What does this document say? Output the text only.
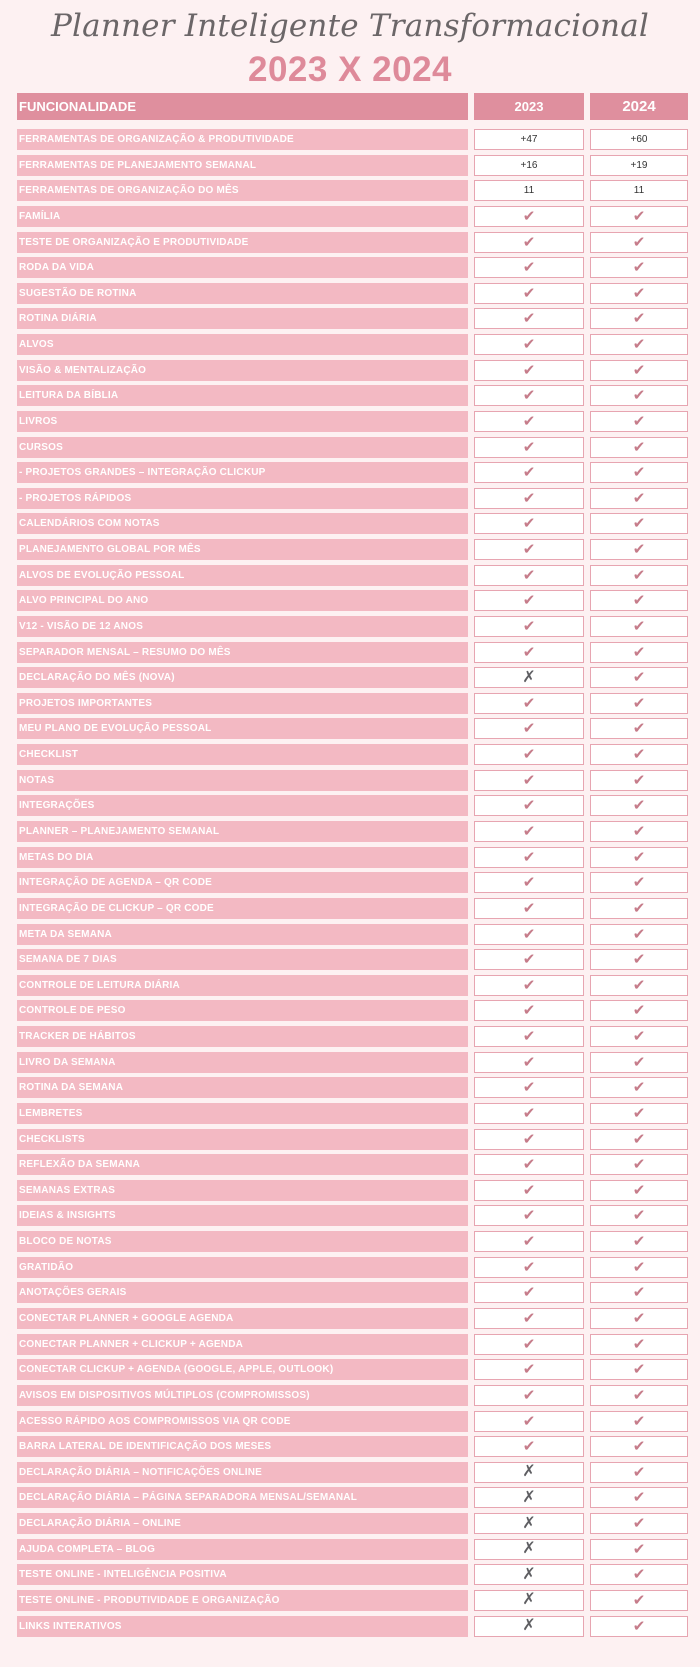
Planner Inteligente Transformacional
2023 X 2024
FUNCIONALIDADE	2023	2024
FERRAMENTAS DE ORGANIZAÇÃO & PRODUTIVIDADE	+47	+60
FERRAMENTAS DE PLANEJAMENTO SEMANAL	+16	+19
FERRAMENTAS DE ORGANIZAÇÃO DO MÊS	11	11
FAMÍLIA	✔	✔
TESTE DE ORGANIZAÇÃO E PRODUTIVIDADE	✔	✔
RODA DA VIDA	✔	✔
SUGESTÃO DE ROTINA	✔	✔
ROTINA DIÁRIA	✔	✔
ALVOS	✔	✔
VISÃO & MENTALIZAÇÃO	✔	✔
LEITURA DA BÍBLIA	✔	✔
LIVROS	✔	✔
CURSOS	✔	✔
- PROJETOS GRANDES – INTEGRAÇÃO CLICKUP	✔	✔
- PROJETOS RÁPIDOS	✔	✔
CALENDÁRIOS COM NOTAS	✔	✔
PLANEJAMENTO GLOBAL POR MÊS	✔	✔
ALVOS DE EVOLUÇÃO PESSOAL	✔	✔
ALVO PRINCIPAL DO ANO	✔	✔
V12 - VISÃO DE 12 ANOS	✔	✔
SEPARADOR MENSAL – RESUMO DO MÊS	✔	✔
DECLARAÇÃO DO MÊS (NOVA)	✗	✔
PROJETOS IMPORTANTES	✔	✔
MEU PLANO DE EVOLUÇÃO PESSOAL	✔	✔
CHECKLIST	✔	✔
NOTAS	✔	✔
INTEGRAÇÕES	✔	✔
PLANNER – PLANEJAMENTO SEMANAL	✔	✔
METAS DO DIA	✔	✔
INTEGRAÇÃO DE AGENDA – QR CODE	✔	✔
INTEGRAÇÃO DE CLICKUP – QR CODE	✔	✔
META DA SEMANA	✔	✔
SEMANA DE 7 DIAS	✔	✔
CONTROLE DE LEITURA DIÁRIA	✔	✔
CONTROLE DE PESO	✔	✔
TRACKER DE HÁBITOS	✔	✔
LIVRO DA SEMANA	✔	✔
ROTINA DA SEMANA	✔	✔
LEMBRETES	✔	✔
CHECKLISTS	✔	✔
REFLEXÃO DA SEMANA	✔	✔
SEMANAS EXTRAS	✔	✔
IDEIAS & INSIGHTS	✔	✔
BLOCO DE NOTAS	✔	✔
GRATIDÃO	✔	✔
ANOTAÇÕES GERAIS	✔	✔
CONECTAR PLANNER + GOOGLE AGENDA	✔	✔
CONECTAR PLANNER + CLICKUP + AGENDA	✔	✔
CONECTAR CLICKUP + AGENDA (GOOGLE, APPLE, OUTLOOK)	✔	✔
AVISOS EM DISPOSITIVOS MÚLTIPLOS (COMPROMISSOS)	✔	✔
ACESSO RÁPIDO AOS COMPROMISSOS VIA QR CODE	✔	✔
BARRA LATERAL DE IDENTIFICAÇÃO DOS MESES	✔	✔
DECLARAÇÃO DIÁRIA – NOTIFICAÇÕES ONLINE	✗	✔
DECLARAÇÃO DIÁRIA – PÁGINA SEPARADORA MENSAL/SEMANAL	✗	✔
DECLARAÇÃO DIÁRIA – ONLINE	✗	✔
AJUDA COMPLETA – BLOG	✗	✔
TESTE ONLINE - INTELIGÊNCIA POSITIVA	✗	✔
TESTE ONLINE - PRODUTIVIDADE E ORGANIZAÇÃO	✗	✔
LINKS INTERATIVOS	✗	✔
